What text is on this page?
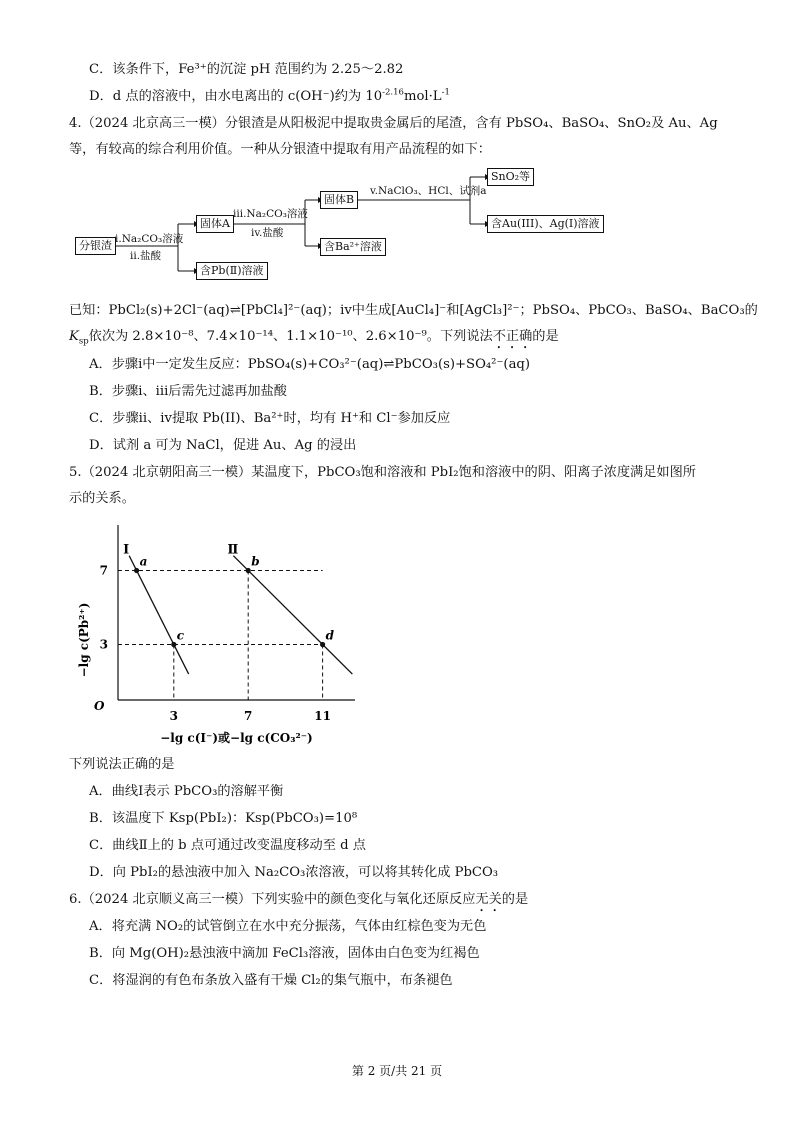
C．该条件下，Fe³⁺的沉淀 pH 范围约为 2.25～2.82
D．d 点的溶液中，由水电离出的 c(OH⁻)约为 $10^{-2.16}mol\cdot L^{-1}$
4.（2024 北京高三一模）分银渣是从阳极泥中提取贵金属后的尾渣，含有 PbSO₄、BaSO₄、SnO₂及 Au、Ag
等，有较高的综合利用价值。一种从分银渣中提取有用产品流程的如下：
分银渣 i.Na₂CO₃溶液
ii.盐酸
固体A
含Pb(Ⅱ)溶液
iii.Na₂CO₃溶液
iv.盐酸
固体B
含Ba²⁺溶液
v.NaClO₃、HCl、试剂a
SnO₂等
含Au(III)、Ag(I)溶液
已知：PbCl₂(s)+2Cl⁻(aq)⇌[PbCl₄]²⁻(aq)；iv中生成[AuCl₄]⁻和[AgCl₃]²⁻；PbSO₄、PbCO₃、BaSO₄、BaCO₃的
$K_{sp}$依次为 2.8×10⁻⁸、7.4×10⁻¹⁴、1.1×10⁻¹⁰、2.6×10⁻⁹。下列说法不正确的是
A．步骤i中一定发生反应：PbSO₄(s)+CO₃²⁻(aq)⇌PbCO₃(s)+SO₄²⁻(aq)
B．步骤i、iii后需先过滤再加盐酸
C．步骤ii、iv提取 Pb(II)、Ba²⁺时，均有 H⁺和 Cl⁻参加反应
D．试剂 a 可为 NaCl，促进 Au、Ag 的浸出
5.（2024 北京朝阳高三一模）某温度下，PbCO₃饱和溶液和 PbI₂饱和溶液中的阴、阳离子浓度满足如图所
示的关系。
O
−lg c(Pb²⁺)
−lg c(I⁻)或−lg c(CO₃²⁻)
3	7	11
3
7
Ⅰ
a
c
Ⅱ
b
d
下列说法正确的是
A．曲线Ⅰ表示 PbCO₃的溶解平衡
B．该温度下 Ksp(PbI₂)：Ksp(PbCO₃)=10⁸
C．曲线Ⅱ上的 b 点可通过改变温度移动至 d 点
D．向 PbI₂的悬浊液中加入 Na₂CO₃浓溶液，可以将其转化成 PbCO₃
6.（2024 北京顺义高三一模）下列实验中的颜色变化与氧化还原反应无关的是
A．将充满 NO₂的试管倒立在水中充分振荡，气体由红棕色变为无色
B．向 Mg(OH)₂悬浊液中滴加 FeCl₃溶液，固体由白色变为红褐色
C．将湿润的有色布条放入盛有干燥 Cl₂的集气瓶中，布条褪色
第 2 页/共 21 页
